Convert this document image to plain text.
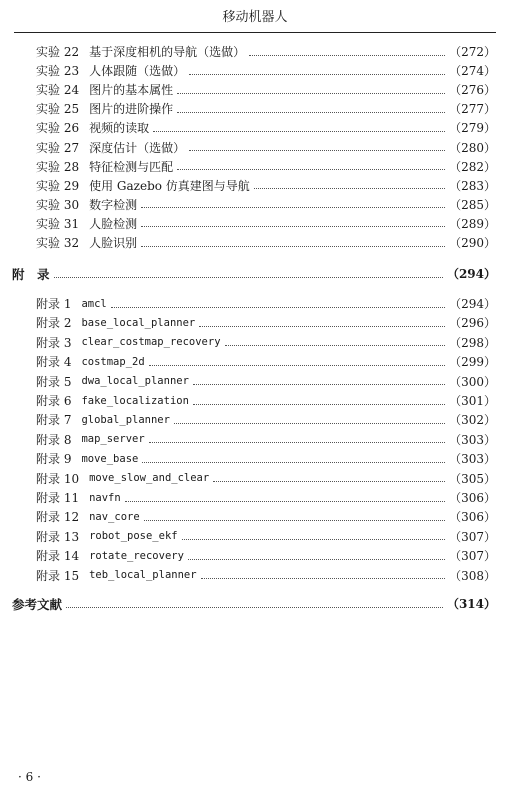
移动机器人
实验 22 基于深度相机的导航（选做）	（272）
实验 23 人体跟随（选做）	（274）
实验 24 图片的基本属性	（276）
实验 25 图片的进阶操作	（277）
实验 26 视频的读取	（279）
实验 27 深度估计（选做）	（280）
实验 28 特征检测与匹配	（282）
实验 29 使用 Gazebo 仿真建图与导航	（283）
实验 30 数字检测	（285）
实验 31 人脸检测	（289）
实验 32 人脸识别	（290）
附　录	（294）
附录 1 amcl	（294）
附录 2 base_local_planner	（296）
附录 3 clear_costmap_recovery	（298）
附录 4 costmap_2d	（299）
附录 5 dwa_local_planner	（300）
附录 6 fake_localization	（301）
附录 7 global_planner	（302）
附录 8 map_server	（303）
附录 9 move_base	（303）
附录 10 move_slow_and_clear	（305）
附录 11 navfn	（306）
附录 12 nav_core	（306）
附录 13 robot_pose_ekf	（307）
附录 14 rotate_recovery	（307）
附录 15 teb_local_planner	（308）
参考文献	（314）
· 6 ·
